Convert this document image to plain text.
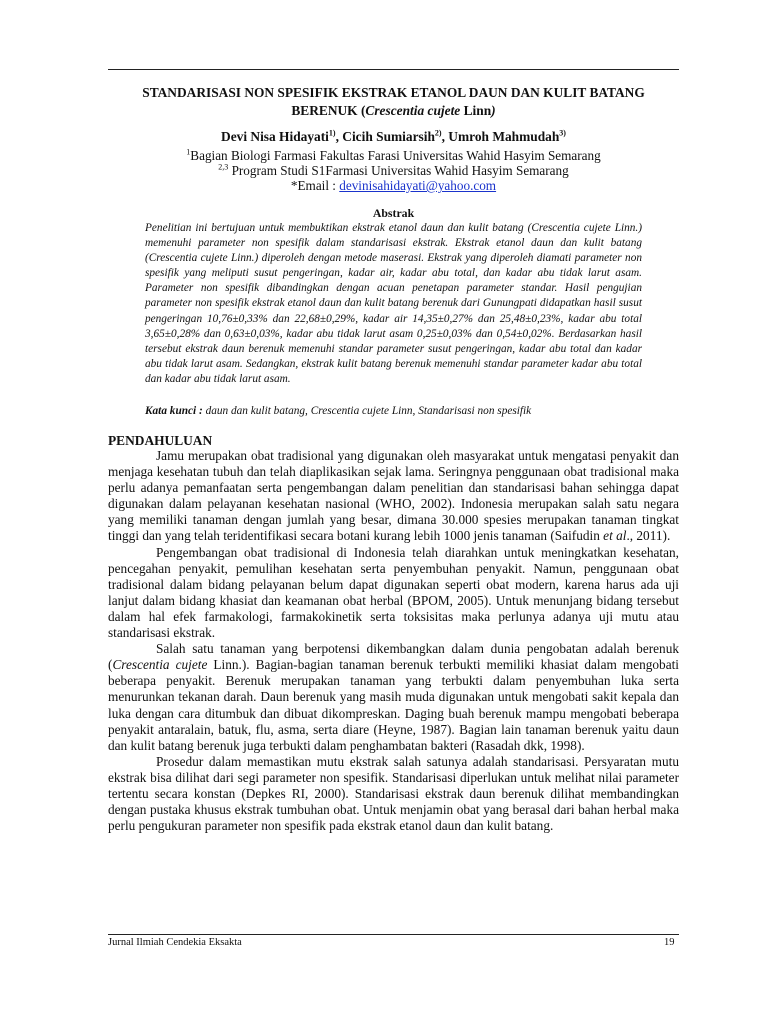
STANDARISASI NON SPESIFIK EKSTRAK ETANOL DAUN DAN KULIT BATANG BERENUK (Crescentia cujete Linn)
Devi Nisa Hidayati$^{1)}$, Cicih Sumiarsih$^{2)}$, Umroh Mahmudah$^{3)}$
$^1$Bagian Biologi Farmasi Fakultas Farasi Universitas Wahid Hasyim Semarang
$^{2,3}$ Program Studi S1Farmasi Universitas Wahid Hasyim Semarang
*Email : devinisahidayati@yahoo.com
Abstrak
Penelitian ini bertujuan untuk membuktikan ekstrak etanol daun dan kulit batang (Crescentia cujete Linn.) memenuhi parameter non spesifik dalam standarisasi ekstrak. Ekstrak etanol daun dan kulit batang (Crescentia cujete Linn.) diperoleh dengan metode maserasi. Ekstrak yang diperoleh diamati parameter non spesifik yang meliputi susut pengeringan, kadar air, kadar abu total, dan kadar abu tidak larut asam. Parameter non spesifik dibandingkan dengan acuan penetapan parameter standar. Hasil pengujian parameter non spesifik ekstrak etanol daun dan kulit batang berenuk dari Gunungpati didapatkan hasil susut pengeringan 10,76±0,33% dan 22,68±0,29%, kadar air 14,35±0,27% dan 25,48±0,23%, kadar abu total 3,65±0,28% dan 0,63±0,03%, kadar abu tidak larut asam 0,25±0,03% dan 0,54±0,02%. Berdasarkan hasil tersebut ekstrak daun berenuk memenuhi standar parameter susut pengeringan, kadar abu total dan kadar abu tidak larut asam. Sedangkan, ekstrak kulit batang berenuk memenuhi standar parameter kadar abu total dan kadar abu tidak larut asam.
Kata kunci : daun dan kulit batang, Crescentia cujete Linn, Standarisasi non spesifik
PENDAHULUAN

Jamu merupakan obat tradisional yang digunakan oleh masyarakat untuk mengatasi penyakit dan menjaga kesehatan tubuh dan telah diaplikasikan sejak lama. Seringnya penggunaan obat tradisional maka perlu adanya pemanfaatan serta pengembangan dalam penelitian dan standarisasi bahan sehingga dapat digunakan dalam pelayanan kesehatan nasional (WHO, 2002). Indonesia merupakan salah satu negara yang memiliki tanaman dengan jumlah yang besar, dimana 30.000 spesies merupakan tanaman tingkat tinggi dan yang telah teridentifikasi secara botani kurang lebih 1000 jenis tanaman (Saifudin et al., 2011).

Pengembangan obat tradisional di Indonesia telah diarahkan untuk meningkatkan kesehatan, pencegahan penyakit, pemulihan kesehatan serta penyembuhan penyakit. Namun, penggunaan obat tradisional dalam bidang pelayanan belum dapat digunakan seperti obat modern, karena harus ada uji lanjut dalam bidang khasiat dan keamanan obat herbal (BPOM, 2005). Untuk menunjang bidang tersebut dalam hal efek farmakologi, farmakokinetik serta toksisitas maka perlunya adanya uji mutu atau standarisasi ekstrak.

Salah satu tanaman yang berpotensi dikembangkan dalam dunia pengobatan adalah berenuk (Crescentia cujete Linn.). Bagian-bagian tanaman berenuk terbukti memiliki khasiat dalam mengobati beberapa penyakit. Berenuk merupakan tanaman yang terbukti dalam penyembuhan luka serta menurunkan tekanan darah. Daun berenuk yang masih muda digunakan untuk mengobati sakit kepala dan luka dengan cara ditumbuk dan dibuat dikompreskan. Daging buah berenuk mampu mengobati beberapa penyakit antaralain, batuk, flu, asma, serta diare (Heyne, 1987). Bagian lain tanaman berenuk yaitu daun dan kulit batang berenuk juga terbukti dalam penghambatan bakteri (Rasadah dkk, 1998).

Prosedur dalam memastikan mutu ekstrak salah satunya adalah standarisasi. Persyaratan mutu ekstrak bisa dilihat dari segi parameter non spesifik. Standarisasi diperlukan untuk melihat nilai parameter tertentu secara konstan (Depkes RI, 2000). Standarisasi ekstrak daun berenuk dilihat membandingkan dengan pustaka khusus ekstrak tumbuhan obat. Untuk menjamin obat yang berasal dari bahan herbal maka perlu pengukuran parameter non spesifik pada ekstrak etanol daun dan kulit batang.

Jurnal Ilmiah Cendekia Eksakta	19
